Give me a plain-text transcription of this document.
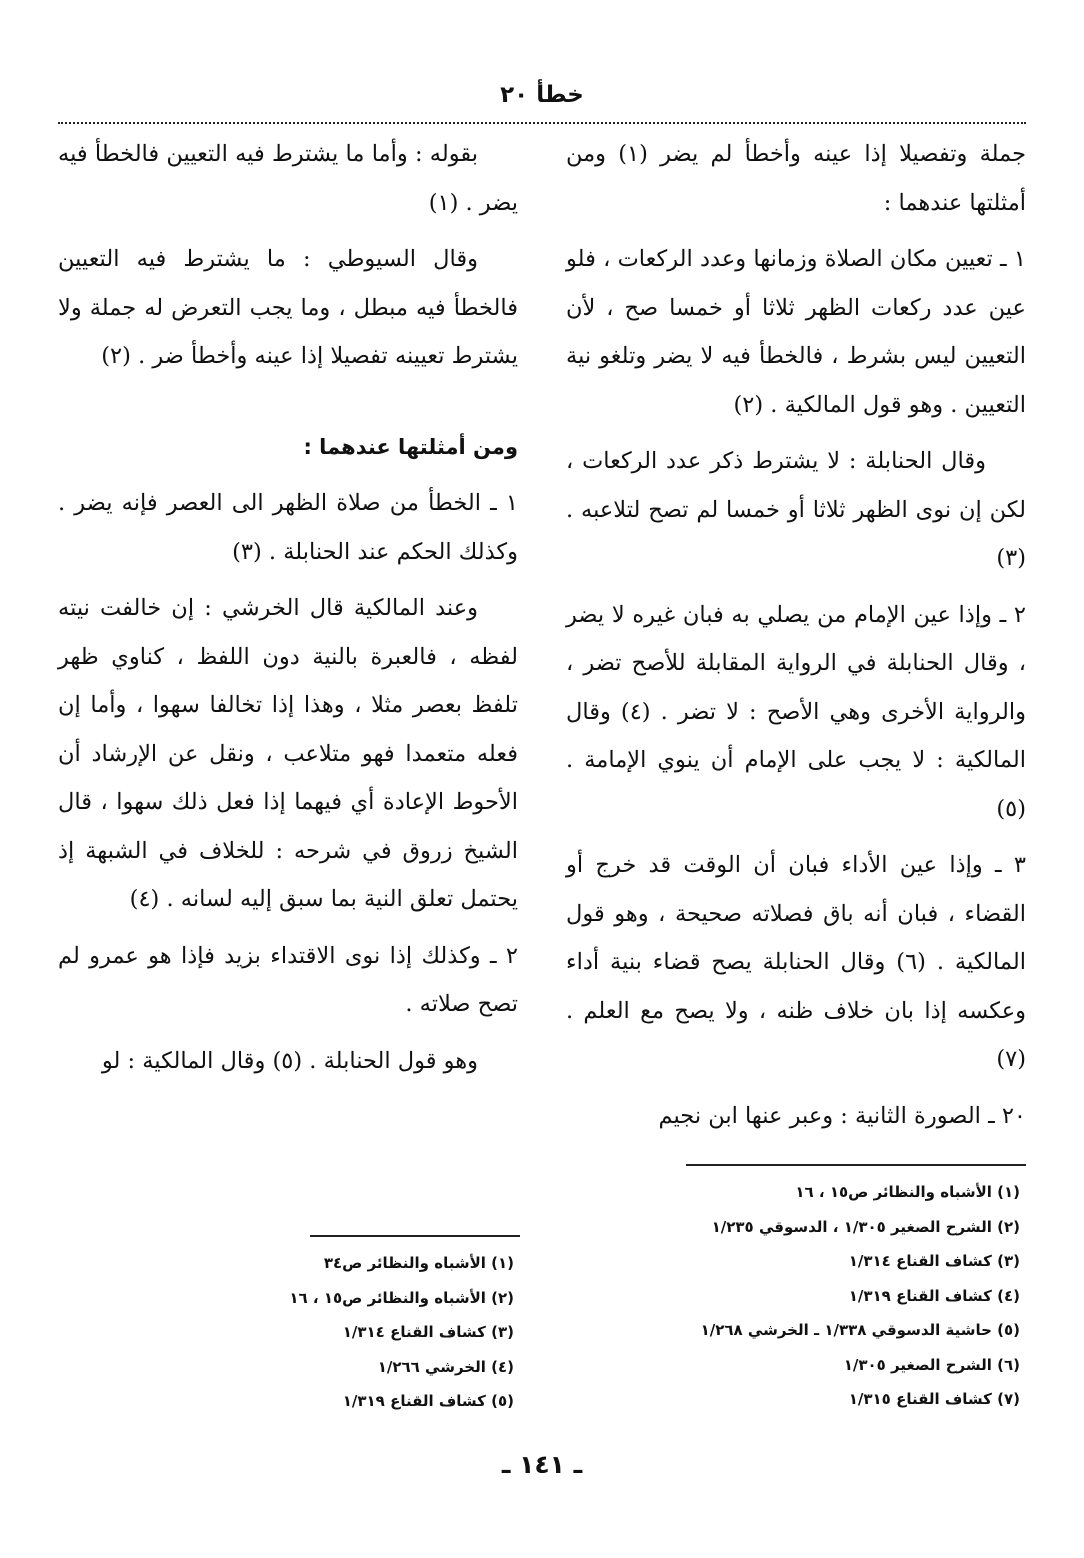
خطأ ٢٠

جملة وتفصيلا إذا عينه وأخطأ لم يضر (١) ومن أمثلتها عندهما :

١ ـ تعيين مكان الصلاة وزمانها وعدد الركعات ، فلو عين عدد ركعات الظهر ثلاثا أو خمسا صح ، لأن التعيين ليس بشرط ، فالخطأ فيه لا يضر وتلغو نية التعيين . وهو قول المالكية . (٢)

وقال الحنابلة : لا يشترط ذكر عدد الركعات ، لكن إن نوى الظهر ثلاثا أو خمسا لم تصح لتلاعبه . (٣)

٢ ـ وإذا عين الإمام من يصلي به فبان غيره لا يضر ، وقال الحنابلة في الرواية المقابلة للأصح تضر ، والرواية الأخرى وهي الأصح : لا تضر . (٤) وقال المالكية : لا يجب على الإمام أن ينوي الإمامة . (٥)

٣ ـ وإذا عين الأداء فبان أن الوقت قد خرج أو القضاء ، فبان أنه باق فصلاته صحيحة ، وهو قول المالكية . (٦) وقال الحنابلة يصح قضاء بنية أداء وعكسه إذا بان خلاف ظنه ، ولا يصح مع العلم . (٧)

٢٠ ـ الصورة الثانية : وعبر عنها ابن نجيم

بقوله : وأما ما يشترط فيه التعيين فالخطأ فيه يضر . (١)

وقال السيوطي : ما يشترط فيه التعيين فالخطأ فيه مبطل ، وما يجب التعرض له جملة ولا يشترط تعيينه تفصيلا إذا عينه وأخطأ ضر . (٢)

ومن أمثلتها عندهما :

١ ـ الخطأ من صلاة الظهر الى العصر فإنه يضر . وكذلك الحكم عند الحنابلة . (٣)

وعند المالكية قال الخرشي : إن خالفت نيته لفظه ، فالعبرة بالنية دون اللفظ ، كناوي ظهر تلفظ بعصر مثلا ، وهذا إذا تخالفا سهوا ، وأما إن فعله متعمدا فهو متلاعب ، ونقل عن الإرشاد أن الأحوط الإعادة أي فيهما إذا فعل ذلك سهوا ، قال الشيخ زروق في شرحه : للخلاف في الشبهة إذ يحتمل تعلق النية بما سبق إليه لسانه . (٤)

٢ ـ وكذلك إذا نوى الاقتداء بزيد فإذا هو عمرو لم تصح صلاته .

وهو قول الحنابلة . (٥) وقال المالكية : لو

(١) الأشباه والنظائر ص١٥ ، ١٦
(٢) الشرح الصغير ١/٣٠٥ ، الدسوقي ١/٢٣٥
(٣) كشاف القناع ١/٣١٤
(٤) كشاف القناع ١/٣١٩
(٥) حاشية الدسوقي ١/٣٣٨ ـ الخرشي ١/٢٦٨
(٦) الشرح الصغير ١/٣٠٥
(٧) كشاف القناع ١/٣١٥
(١) الأشباه والنظائر ص٣٤
(٢) الأشباه والنظائر ص١٥ ، ١٦
(٣) كشاف القناع ١/٣١٤
(٤) الخرشي ١/٢٦٦
(٥) كشاف القناع ١/٣١٩
ـ ١٤١ ـ
